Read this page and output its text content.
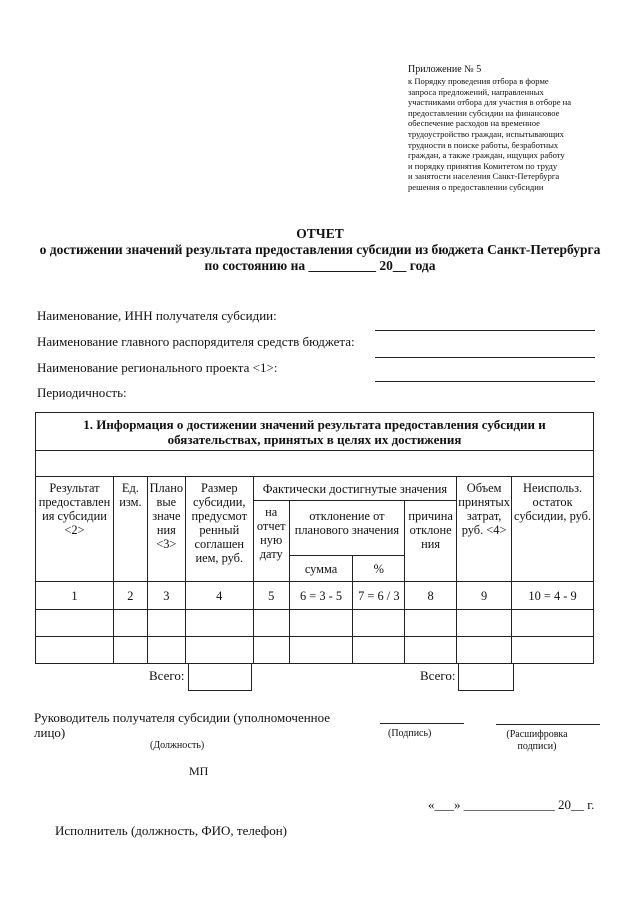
Приложение № 5
к Порядку проведения отбора в форме
запроса предложений, направленных
участниками отбора для участия в отборе на
предоставлении субсидии на финансовое
обеспечение расходов на временное
трудоустройство граждан, испытывающих
трудности в поиске работы, безработных
граждан, а также граждан, ищущих работу
и порядку принятия Комитетом по труду
и занятости населения Санкт-Петербурга
решения о предоставлении субсидии
ОТЧЕТ
о достижении значений результата предоставления субсидии из бюджета Санкт-Петербурга
по состоянию на __________ 20__ года
Наименование, ИНН получателя субсидии:
Наименование главного распорядителя средств бюджета:
Наименование регионального проекта <1>:
Периодичность:
1. Информация о достижении значений результата предоставления субсидии и обязательствах, принятых в целях их достижения									

Результат предоставлен ия субсидии <2>	Ед. изм.	Плано вые значе ния <3>	Размер субсидии, предусмот ренный соглашен ием, руб.	Фактически достигнутые значения				Объем принятых затрат, руб. <4>	Неиспольз. остаток субсидии, руб.
				на отчет ную дату	отклонение от планового значения		причина отклоне ния		
					сумма	%			
1	2	3	4	5	6 = 3 - 5	7 = 6 / 3	8	9	10 = 4 - 9

Всего:	Всего:
Руководитель получателя субсидии (уполномоченное лицо)
(Должность)
(Подпись)	(Расшифровка подписи)
МП
«___» ______________ 20__ г.
Исполнитель (должность, ФИО, телефон)
